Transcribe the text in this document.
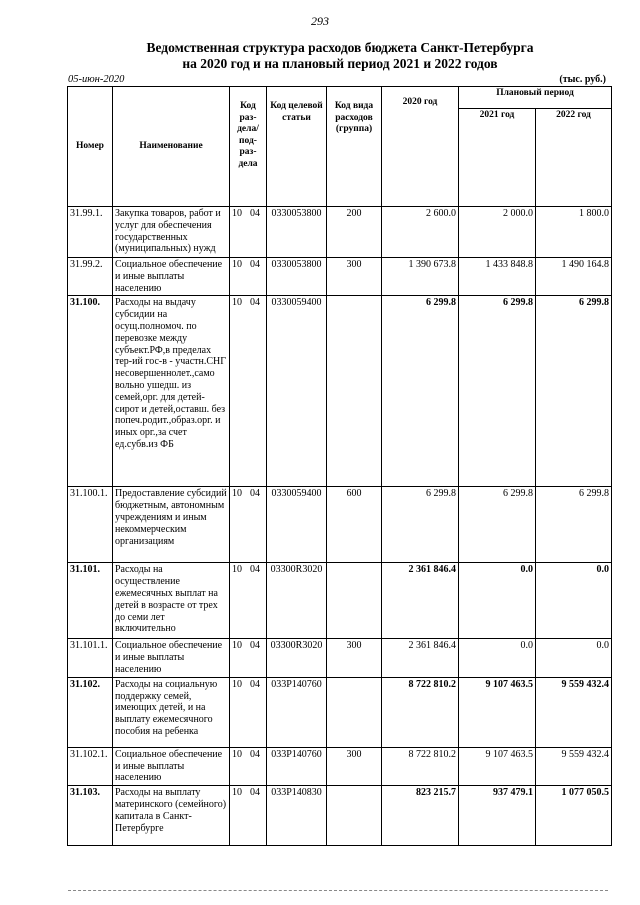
293
Ведомственная структура расходов бюджета Санкт-Петербурга
на 2020 год и на плановый период 2021 и 2022 годов
05-июн-2020	(тыс. руб.)
Номер	Наименование	Код раз- дела/ под- раз- дела	Код целевой статьи	Код вида расходов (группа)	2020 год	Плановый период	
						2021 год	2022 год
31.99.1.	Закупка товаров, работ и услуг для обеспечения государственных (муниципальных) нужд	10 04	0330053800	200	2 600.0	2 000.0	1 800.0
31.99.2.	Социальное обеспечение и иные выплаты населению	10 04	0330053800	300	1 390 673.8	1 433 848.8	1 490 164.8
31.100.	Расходы на выдачу субсидии на осущ.полномоч. по перевозке между субъект.РФ,в пределах тер-ий гос-в - участн.СНГ несовершеннолет.,само вольно ушедш. из семей,орг. для детей-сирот и детей,оставш. без попеч.родит.,образ.орг. и иных орг.,за счет ед.субв.из ФБ	10 04	0330059400		6 299.8	6 299.8	6 299.8
31.100.1.	Предоставление субсидий бюджетным, автономным учреждениям и иным некоммерческим организациям	10 04	0330059400	600	6 299.8	6 299.8	6 299.8
31.101.	Расходы на осуществление ежемесячных выплат на детей в возрасте от трех до семи лет включительно	10 04	03300R3020		2 361 846.4	0.0	0.0
31.101.1.	Социальное обеспечение и иные выплаты населению	10 04	03300R3020	300	2 361 846.4	0.0	0.0
31.102.	Расходы на социальную поддержку семей, имеющих детей, и на выплату ежемесячного пособия на ребенка	10 04	033P140760		8 722 810.2	9 107 463.5	9 559 432.4
31.102.1.	Социальное обеспечение и иные выплаты населению	10 04	033P140760	300	8 722 810.2	9 107 463.5	9 559 432.4
31.103.	Расходы на выплату материнского (семейного) капитала в Санкт-Петербурге	10 04	033P140830		823 215.7	937 479.1	1 077 050.5
